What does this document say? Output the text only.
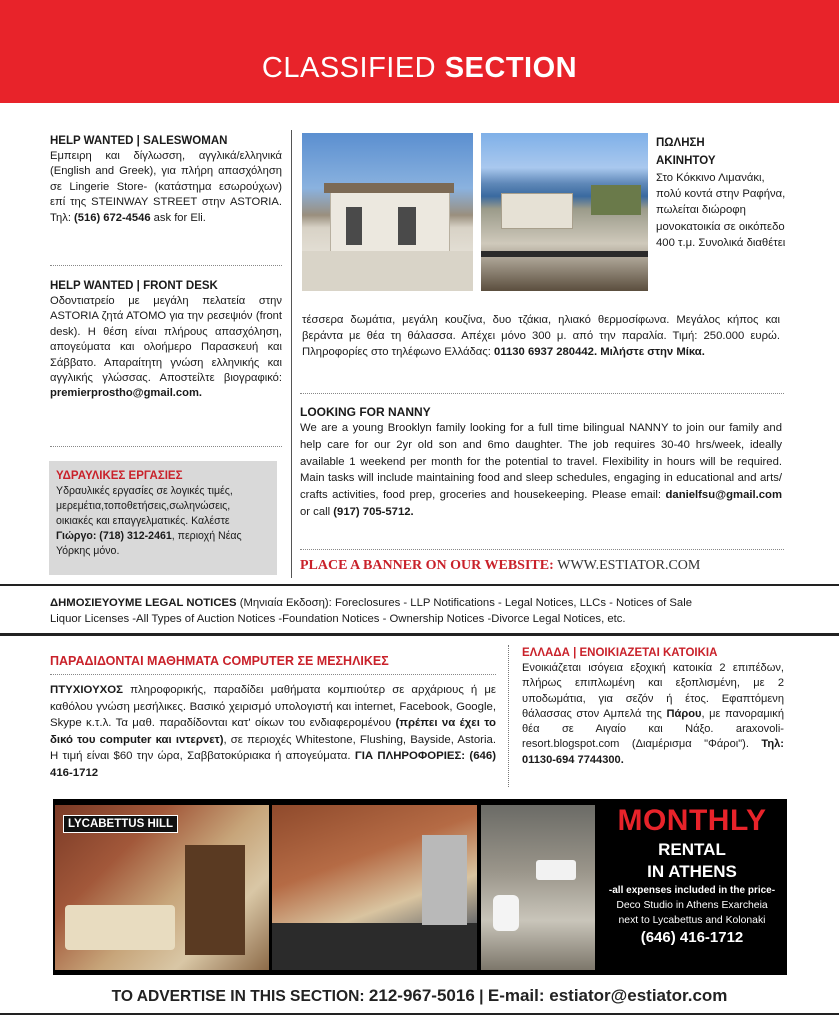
CLASSIFIED SECTION
HELP WANTED | SALESWOMAN
Εμπειρη και δίγλωσση, αγγλικά/ελληνικά (English and Greek), για πλήρη απασχόληση σε Lingerie Store- (κατάστημα εσωρούχων) επί της STEINWAY STREET στην ASTORIA. Τηλ: (516) 672-4546 ask for Eli.
HELP WANTED | FRONT DESK
Οδοντιατρείο με μεγάλη πελατεία στην ASTORIA ζητά ΑΤΟΜΟ για την ρεσεψιόν (front desk). Η θέση είναι πλήρους απασχόληση, απογεύματα και ολοήμερο Παρασκευή και Σάββατο. Απαραίτητη γνώση ελληνικής και αγγλικής γλώσσας. Αποστείλτε βιογραφικό: premierprostho@gmail.com.
ΥΔΡΑΥΛΙΚΕΣ ΕΡΓΑΣΙΕΣ
Υδραυλικές εργασίες σε λογικές τιμές, μερεμέτια,τοποθετήσεις,σωληνώσεις, οικιακές και επαγγελματικές. Καλέστε Γιώργο: (718) 312-2461, περιοχή Νέας Υόρκης μόνο.
ΠΩΛΗΣΗ
ΑΚΙΝΗΤΟΥ
Στο Κόκκινο Λιμανάκι, πολύ κοντά στην Ραφήνα, πωλείται διώροφη μονοκατοικία σε οικόπεδο 400 τ.μ. Συνολικά διαθέτει
τέσσερα δωμάτια, μεγάλη κουζίνα, δυο τζάκια, ηλιακό θερμοσίφωνα. Μεγάλος κήπος και βεράντα με θέα τη θάλασσα. Απέχει μόνο 300 μ. από την παραλία. Τιμή: 250.000 ευρώ. Πληροφορίες στο τηλέφωνο Ελλάδας: 01130 6937 280442. Μιλήστε στην Μίκα.
LOOKING FOR NANNY
We are a young Brooklyn family looking for a full time bilingual NANNY to join our family and help care for our 2yr old son and 6mo daughter. The job requires 30-40 hrs/week, ideally available 1 weekend per month for the potential to travel. Flexibility in hours will be required. Main tasks will include maintaining food and sleep schedules, engaging in educational and arts/ crafts activities, food prep, groceries and housekeeping. Please email: danielfsu@gmail.com or call (917) 705-5712.
PLACE A BANNER ON OUR WEBSITE: WWW.ESTIATOR.COM
ΔΗΜΟΣΙΕΥΟΥΜΕ LEGAL NOTICES (Μηνιαία Εκδοση): Foreclosures - LLP Notifications - Legal Notices, LLCs - Notices of Sale
Liquor Licenses -All Types of Auction Notices -Foundation Notices - Ownership Notices -Divorce Legal Notices, etc.
ΠΑΡΑΔΙΔΟΝΤΑΙ ΜΑΘΗΜΑΤΑ COMPUTER ΣΕ ΜΕΣΗΛΙΚΕΣ
ΠΤΥΧΙΟΥΧΟΣ πληροφορικής, παραδίδει μαθήματα κομπιούτερ σε αρχάριους ή με καθόλου γνώση μεσήλικες. Βασικό χειρισμό υπολογιστή και internet, Facebook, Google, Skype κ.τ.λ. Τα μαθ. παραδίδονται κατ' οίκων του ενδιαφερομένου (πρέπει να έχει το δικό του computer και ιντερνετ), σε περιοχές Whitestone, Flushing, Bayside, Astoria. Η τιμή είναι $60 την ώρα, Σαββατοκύριακα ή απογεύματα. ΓΙΑ ΠΛΗΡΟΦΟΡΙΕΣ: (646) 416-1712
ΕΛΛΑΔΑ | ΕΝΟΙΚΙΑΖΕΤΑΙ ΚΑΤΟΙΚΙΑ
Ενοικιάζεται ισόγεια εξοχική κατοικία 2 επιπέδων, πλήρως επιπλωμένη και εξοπλισμένη, με 2 υποδωμάτια, για σεζόν ή έτος. Εφαπτόμενη θάλασσας στον Αμπελά της Πάρου, με πανοραμική θέα σε Αιγαίο και Νάξο. araxovoli-resort.blogspot.com (Διαμέρισμα "Φάροι"). Τηλ: 01130-694 7744300.
LYCABETTUS HILL	MONTHLY
RENTAL
IN ATHENS
-all expenses included in the price-
Deco Studio in Athens Exarcheia
next to Lycabettus and Kolonaki
(646) 416-1712
TO ADVERTISE IN THIS SECTION: 212-967-5016 | E-mail: estiator@estiator.com
